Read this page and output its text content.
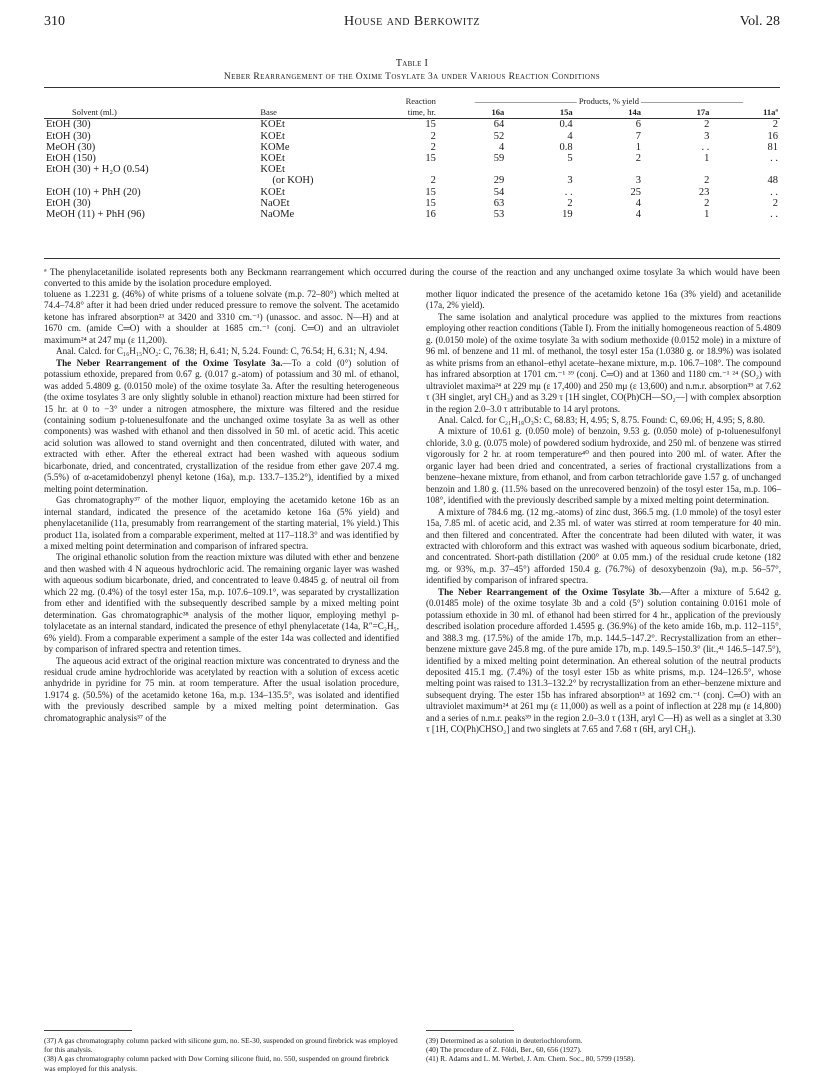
310	House and Berkowitz	Vol. 28
Table I
Neber Rearrangement of the Oxime Tosylate 3a under Various Reaction Conditions
		Reaction	———————————— Products, % yield ————————————				
Solvent (ml.)	Base	time, hr.	16a	15a	14a	17a	11aª
EtOH (30)	KOEt	15	64	0.4	6	2	2
EtOH (30)	KOEt	2	52	4	7	3	16
MeOH (30)	KOMe	2	4	0.8	1	. .	81
EtOH (150)	KOEt	15	59	5	2	1	. .
EtOH (30) + H₂O (0.54)	KOEt						
	(or KOH)	2	29	3	3	2	48
EtOH (10) + PhH (20)	KOEt	15	54	. .	25	23	. .
EtOH (30)	NaOEt	15	63	2	4	2	2
MeOH (11) + PhH (96)	NaOMe	16	53	19	4	1	. .
ª The phenylacetanilide isolated represents both any Beckmann rearrangement which occurred during the course of the reaction and any unchanged oxime tosylate 3a which would have been converted to this amide by the isolation procedure employed.

toluene as 1.2231 g. (46%) of white prisms of a toluene solvate (m.p. 72–80°) which melted at 74.4–74.8° after it had been dried under reduced pressure to remove the solvent. The acetamido ketone has infrared absorption²³ at 3420 and 3310 cm.⁻¹) (unassoc. and assoc. N—H) and at 1670 cm. (amide C═O) with a shoulder at 1685 cm.⁻¹ (conj. C═O) and an ultraviolet maximum²⁴ at 247 mμ (ε 11,200).

Anal. Calcd. for C₁₆H₁₅NO₂: C, 76.38; H, 6.41; N, 5.24. Found: C, 76.54; H, 6.31; N, 4.94.

The Neber Rearrangement of the Oxime Tosylate 3a.—To a cold (0°) solution of potassium ethoxide, prepared from 0.67 g. (0.017 g.-atom) of potassium and 30 ml. of ethanol, was added 5.4809 g. (0.0150 mole) of the oxime tosylate 3a. After the resulting heterogeneous (the oxime tosylates 3 are only slightly soluble in ethanol) reaction mixture had been stirred for 15 hr. at 0 to −3° under a nitrogen atmosphere, the mixture was filtered and the residue (containing sodium p-toluenesulfonate and the unchanged oxime tosylate 3a as well as other components) was washed with ethanol and then dissolved in 50 ml. of acetic acid. This acetic acid solution was allowed to stand overnight and then concentrated, diluted with water, and extracted with ether. After the ethereal extract had been washed with aqueous sodium bicarbonate, dried, and concentrated, crystallization of the residue from ether gave 207.4 mg. (5.5%) of α-acetamidobenzyl phenyl ketone (16a), m.p. 133.7–135.2°), identified by a mixed melting point determination.

Gas chromatography³⁷ of the mother liquor, employing the acetamido ketone 16b as an internal standard, indicated the presence of the acetamido ketone 16a (5% yield) and phenylacetanilide (11a, presumably from rearrangement of the starting material, 1% yield.) This product 11a, isolated from a comparable experiment, melted at 117–118.3° and was identified by a mixed melting point determination and comparison of infrared spectra.

The original ethanolic solution from the reaction mixture was diluted with ether and benzene and then washed with 4 N aqueous hydrochloric acid. The remaining organic layer was washed with aqueous sodium bicarbonate, dried, and concentrated to leave 0.4845 g. of neutral oil from which 22 mg. (0.4%) of the tosyl ester 15a, m.p. 107.6–109.1°, was separated by crystallization from ether and identified with the subsequently described sample by a mixed melting point determination. Gas chromatographic³⁸ analysis of the mother liquor, employing methyl p-tolylacetate as an internal standard, indicated the presence of ethyl phenylacetate (14a, R″=C₂H₅, 6% yield). From a comparable experiment a sample of the ester 14a was collected and identified by comparison of infrared spectra and retention times.

The aqueous acid extract of the original reaction mixture was concentrated to dryness and the residual crude amine hydrochloride was acetylated by reaction with a solution of excess acetic anhydride in pyridine for 75 min. at room temperature. After the usual isolation procedure, 1.9174 g. (50.5%) of the acetamido ketone 16a, m.p. 134–135.5°, was isolated and identified with the previously described sample by a mixed melting point determination. Gas chromatographic analysis³⁷ of the

mother liquor indicated the presence of the acetamido ketone 16a (3% yield) and acetanilide (17a, 2% yield).

The same isolation and analytical procedure was applied to the mixtures from reactions employing other reaction conditions (Table I). From the initially homogeneous reaction of 5.4809 g. (0.0150 mole) of the oxime tosylate 3a with sodium methoxide (0.0152 mole) in a mixture of 96 ml. of benzene and 11 ml. of methanol, the tosyl ester 15a (1.0380 g. or 18.9%) was isolated as white prisms from an ethanol–ethyl acetate–hexane mixture, m.p. 106.7–108°. The compound has infrared absorption at 1701 cm.⁻¹ ³⁹ (conj. C═O) and at 1360 and 1180 cm.⁻¹ ²⁴ (SO₂) with ultraviolet maxima²⁴ at 229 mμ (ε 17,400) and 250 mμ (ε 13,600) and n.m.r. absorption³⁹ at 7.62 τ (3H singlet, aryl CH₃) and as 3.29 τ [1H singlet, CO(Ph)CH—SO₂—] with complex absorption in the region 2.0–3.0 τ attributable to 14 aryl protons.

Anal. Calcd. for C₂₁H₁₈O₃S: C, 68.83; H, 4.95; S, 8.75. Found: C, 69.06; H, 4.95; S, 8.80.

A mixture of 10.61 g. (0.050 mole) of benzoin, 9.53 g. (0.050 mole) of p-toluenesulfonyl chloride, 3.0 g. (0.075 mole) of powdered sodium hydroxide, and 250 ml. of benzene was stirred vigorously for 2 hr. at room temperature⁴⁰ and then poured into 200 ml. of water. After the organic layer had been dried and concentrated, a series of fractional crystallizations from a benzene–hexane mixture, from ethanol, and from carbon tetrachloride gave 1.57 g. of unchanged benzoin and 1.80 g. (11.5% based on the unrecovered benzoin) of the tosyl ester 15a, m.p. 106–108°, identified with the previously described sample by a mixed melting point determination.

A mixture of 784.6 mg. (12 mg.-atoms) of zinc dust, 366.5 mg. (1.0 mmole) of the tosyl ester 15a, 7.85 ml. of acetic acid, and 2.35 ml. of water was stirred at room temperature for 40 min. and then filtered and concentrated. After the concentrate had been diluted with water, it was extracted with chloroform and this extract was washed with aqueous sodium bicarbonate, dried, and concentrated. Short-path distillation (200° at 0.05 mm.) of the residual crude ketone (182 mg. or 93%, m.p. 37–45°) afforded 150.4 g. (76.7%) of desoxybenzoin (9a), m.p. 56–57°, identified by comparison of infrared spectra.

The Neber Rearrangement of the Oxime Tosylate 3b.—After a mixture of 5.642 g. (0.01485 mole) of the oxime tosylate 3b and a cold (5°) solution containing 0.0161 mole of potassium ethoxide in 30 ml. of ethanol had been stirred for 4 hr., application of the previously described isolation procedure afforded 1.4595 g. (36.9%) of the keto amide 16b, m.p. 112–115°, and 388.3 mg. (17.5%) of the amide 17b, m.p. 144.5–147.2°. Recrystallization from an ether–benzene mixture gave 245.8 mg. of the pure amide 17b, m.p. 149.5–150.3° (lit.,⁴¹ 146.5–147.5°), identified by a mixed melting point determination. An ethereal solution of the neutral products deposited 415.1 mg. (7.4%) of the tosyl ester 15b as white prisms, m.p. 124–126.5°, whose melting point was raised to 131.3–132.2° by recrystallization from an ether–benzene mixture and subsequent drying. The ester 15b has infrared absorption¹³ at 1692 cm.⁻¹ (conj. C═O) with an ultraviolet maximum²⁴ at 261 mμ (ε 11,000) as well as a point of inflection at 228 mμ (ε 14,800) and a series of n.m.r. peaks³⁹ in the region 2.0–3.0 τ (13H, aryl C—H) as well as a singlet at 3.30 τ [1H, CO(Ph)CHSO₂] and two singlets at 7.65 and 7.68 τ (6H, aryl CH₃).

(37) A gas chromatography column packed with silicone gum, no. SE-30, suspended on ground firebrick was employed for this analysis.
(38) A gas chromatography column packed with Dow Corning silicone fluid, no. 550, suspended on ground firebrick was employed for this analysis.
(39) Determined as a solution in deuteriochloroform.
(40) The procedure of Z. Földi, Ber., 60, 656 (1927).
(41) R. Adams and L. M. Werbel, J. Am. Chem. Soc., 80, 5799 (1958).
